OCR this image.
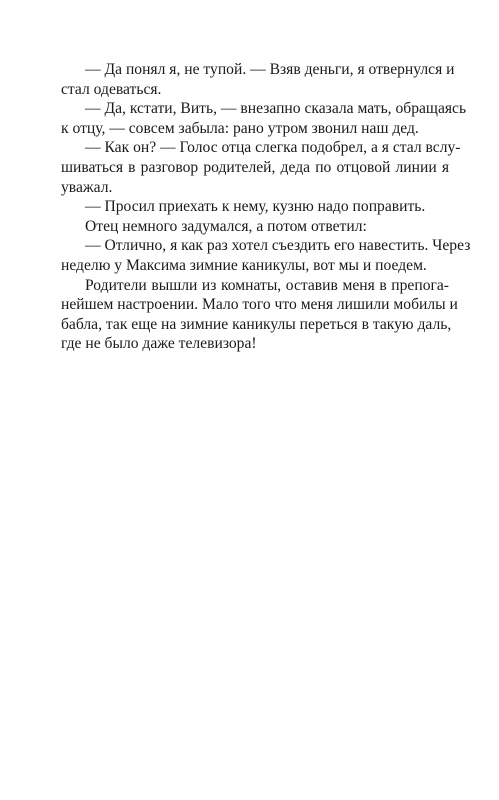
— Да понял я, не тупой. — Взяв деньги, я отвернулся и
стал одеваться.
— Да, кстати, Вить, — внезапно сказала мать, обращаясь
к отцу, — совсем забыла: рано утром звонил наш дед.
— Как он? — Голос отца слегка подобрел, а я стал вслу-
шиваться в разговор родителей, деда по отцовой линии я
уважал.
— Просил приехать к нему, кузню надо поправить.
Отец немного задумался, а потом ответил:
— Отлично, я как раз хотел съездить его навестить. Через
неделю у Максима зимние каникулы, вот мы и поедем.
Родители вышли из комнаты, оставив меня в препога-
нейшем настроении. Мало того что меня лишили мобилы и
бабла, так еще на зимние каникулы переться в такую даль,
где не было даже телевизора!
